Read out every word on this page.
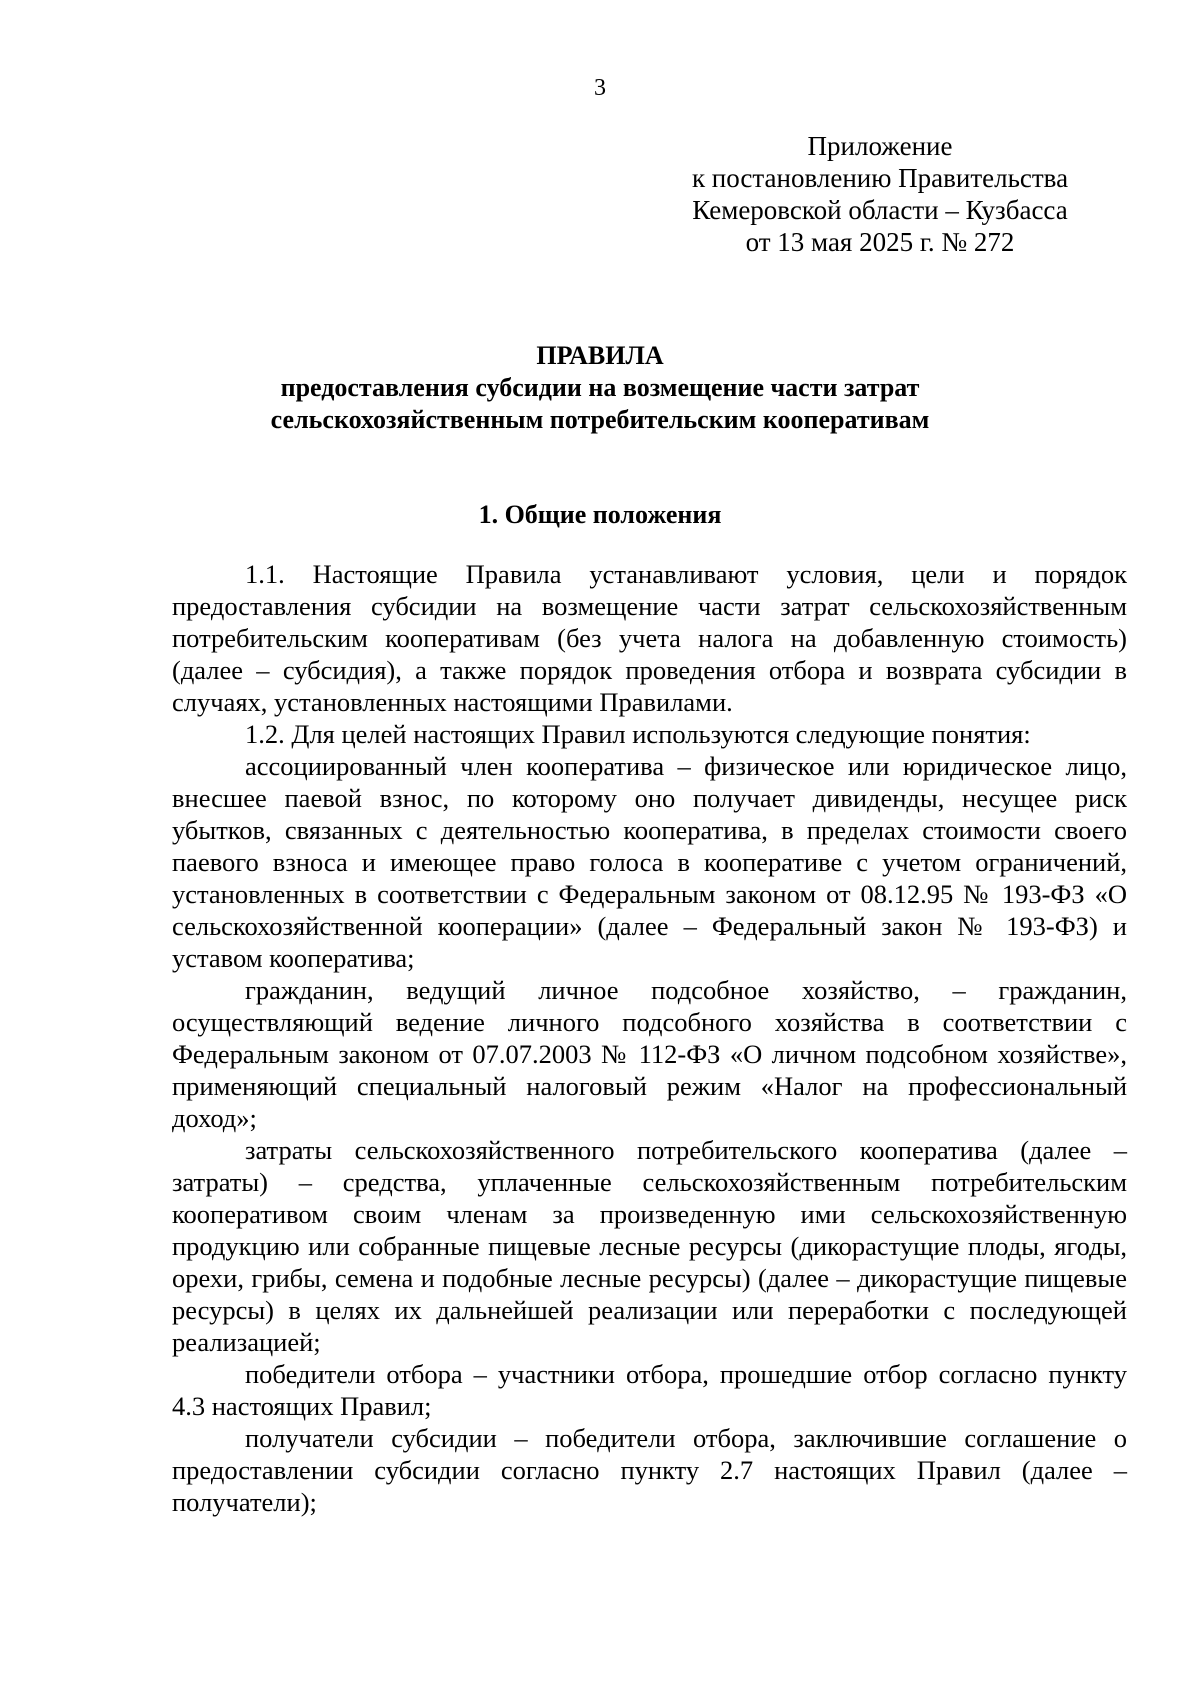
3
Приложение
к постановлению Правительства
Кемеровской области – Кузбасса
от 13 мая 2025 г. № 272
ПРАВИЛА
предоставления субсидии на возмещение части затрат
сельскохозяйственным потребительским кооперативам
1. Общие положения

1.1. Настоящие Правила устанавливают условия, цели и порядок предоставления субсидии на возмещение части затрат сельскохозяйственным потребительским кооперативам (без учета налога на добавленную стоимость) (далее – субсидия), а также порядок проведения отбора и возврата субсидии в случаях, установленных настоящими Правилами.

1.2. Для целей настоящих Правил используются следующие понятия:

ассоциированный член кооператива – физическое или юридическое лицо, внесшее паевой взнос, по которому оно получает дивиденды, несущее риск убытков, связанных с деятельностью кооператива, в пределах стоимости своего паевого взноса и имеющее право голоса в кооперативе с учетом ограничений, установленных в соответствии с Федеральным законом от 08.12.95 № 193-ФЗ «О сельскохозяйственной кооперации» (далее – Федеральный закон № 193-ФЗ) и уставом кооператива;

гражданин, ведущий личное подсобное хозяйство, – гражданин, осуществляющий ведение личного подсобного хозяйства в соответствии с Федеральным законом от 07.07.2003 № 112-ФЗ «О личном подсобном хозяйстве», применяющий специальный налоговый режим «Налог на профессиональный доход»;

затраты сельскохозяйственного потребительского кооператива (далее – затраты) – средства, уплаченные сельскохозяйственным потребительским кооперативом своим членам за произведенную ими сельскохозяйственную продукцию или собранные пищевые лесные ресурсы (дикорастущие плоды, ягоды, орехи, грибы, семена и подобные лесные ресурсы) (далее – дикорастущие пищевые ресурсы) в целях их дальнейшей реализации или переработки с последующей реализацией;

победители отбора – участники отбора, прошедшие отбор согласно пункту 4.3 настоящих Правил;

получатели субсидии – победители отбора, заключившие соглашение о предоставлении субсидии согласно пункту 2.7 настоящих Правил (далее – получатели);
